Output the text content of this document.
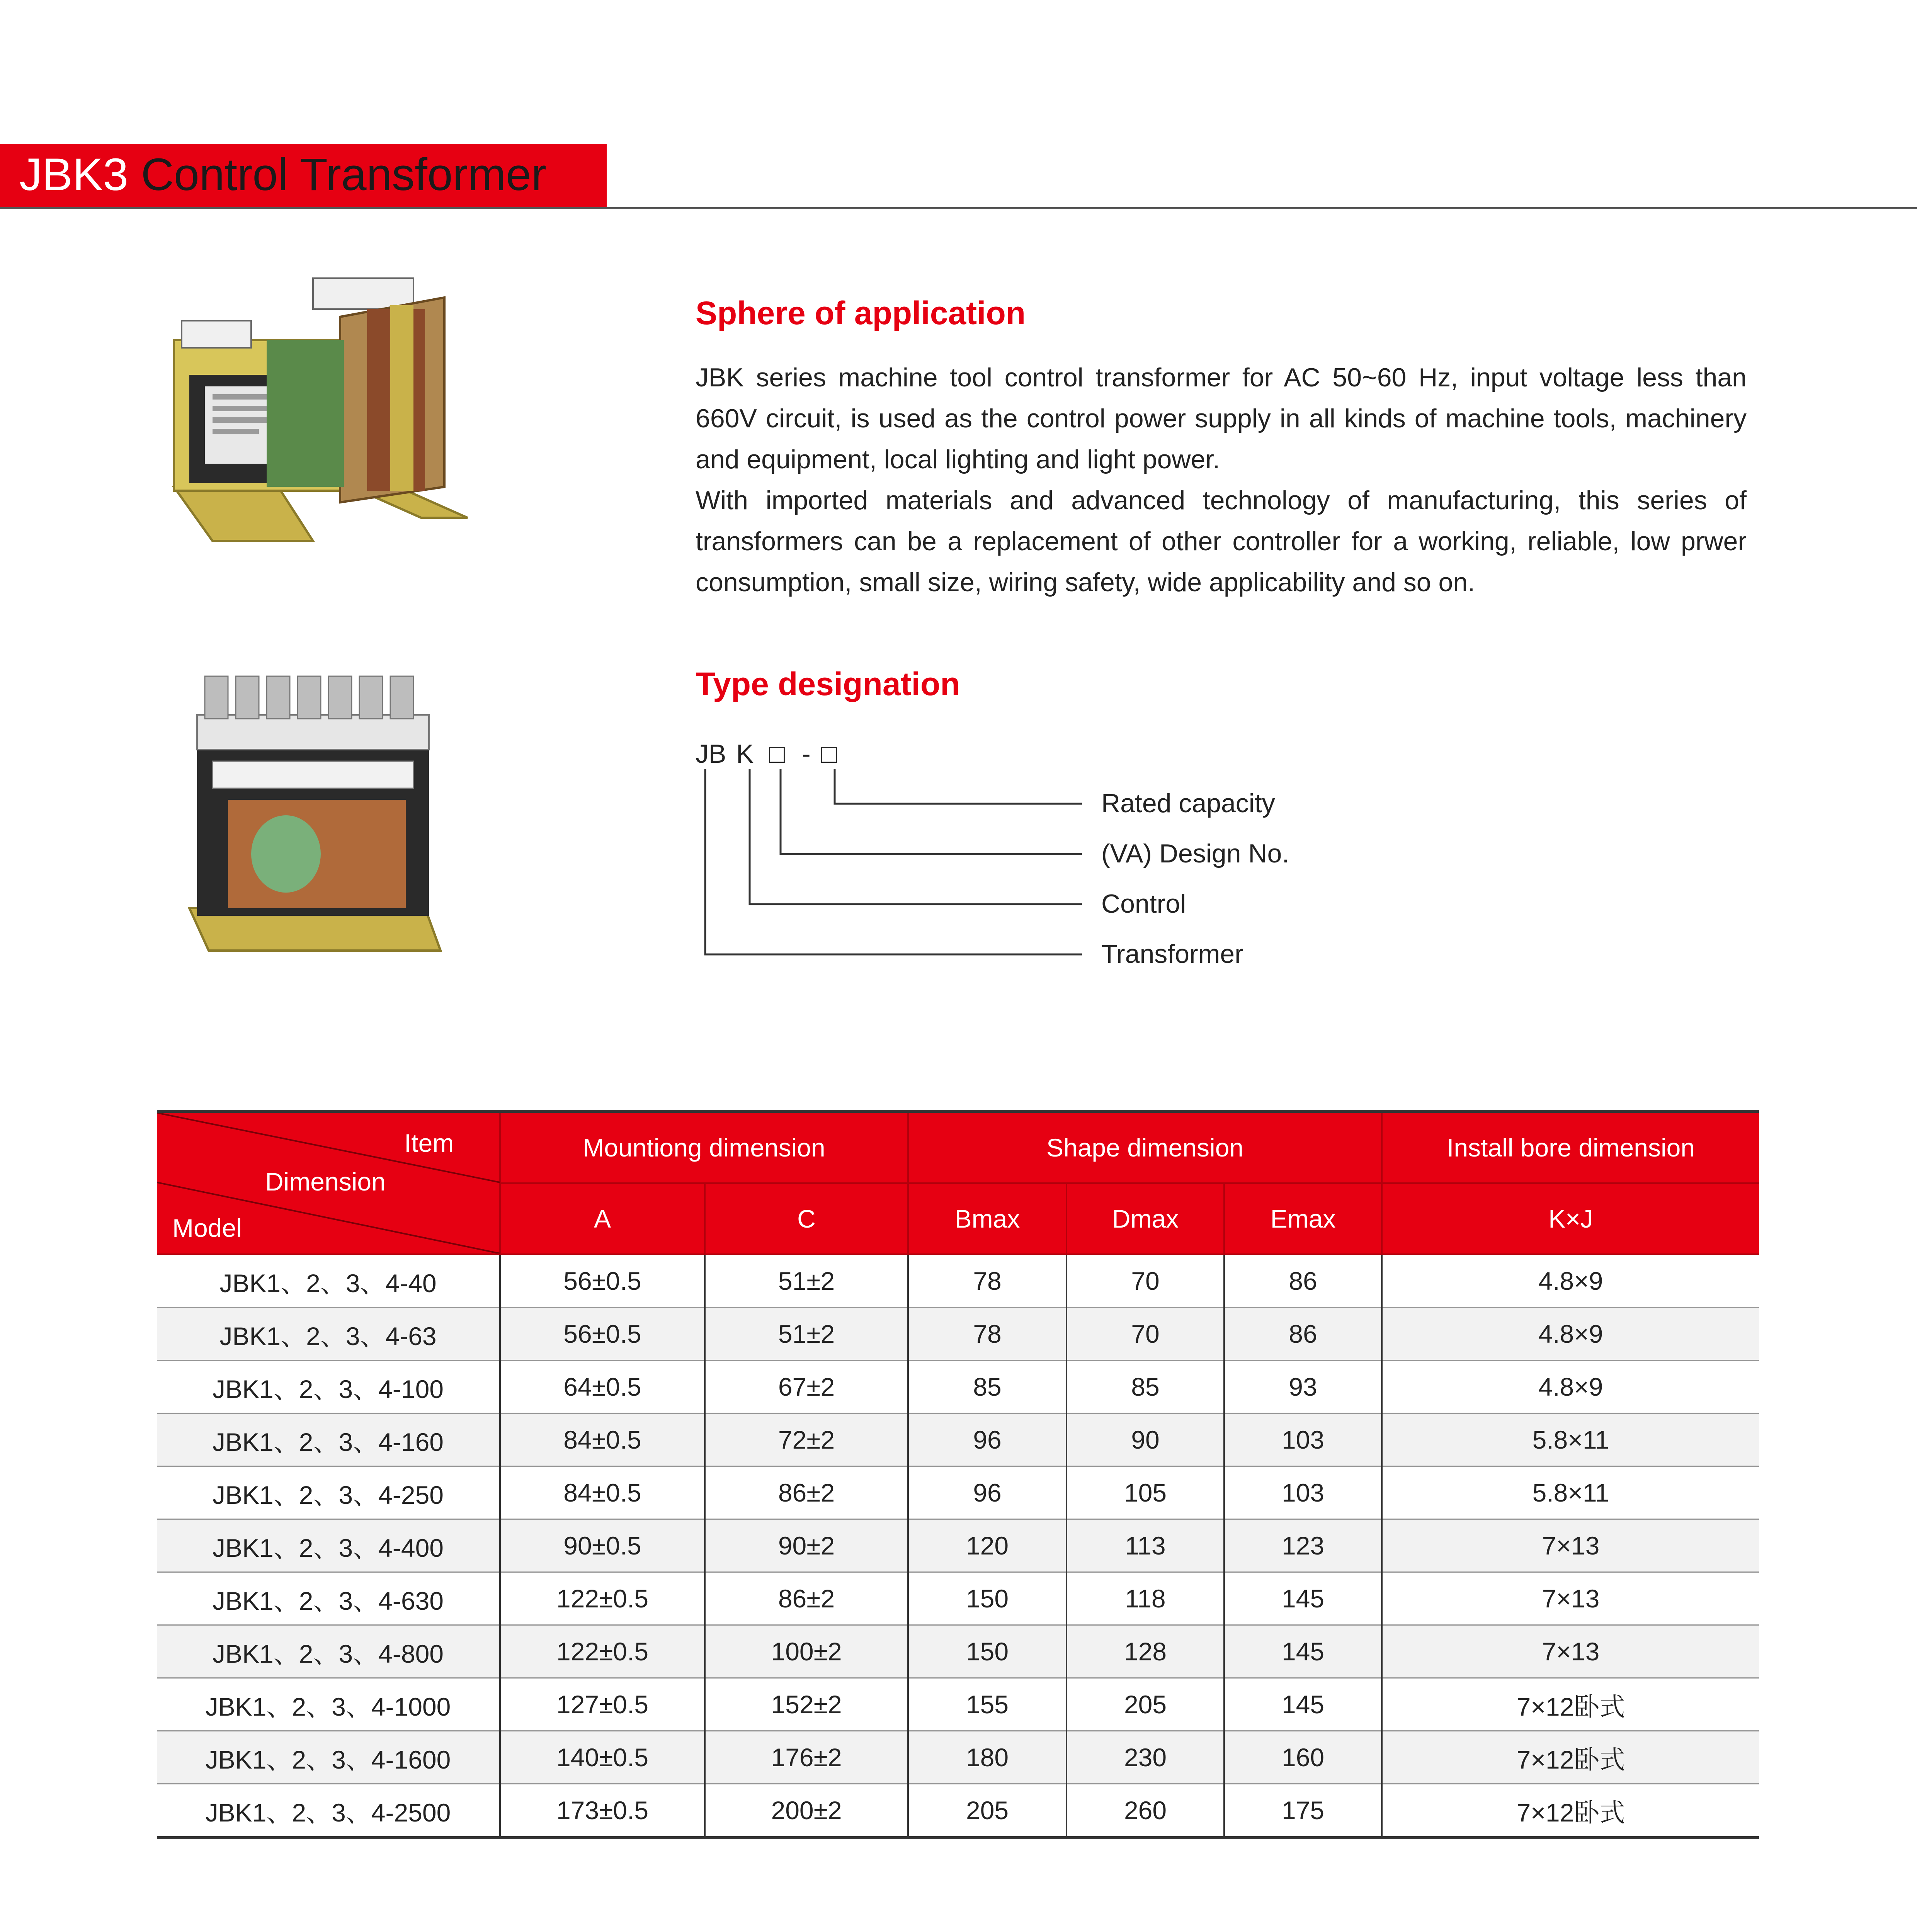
JBK3 Control Transformer
Sphere of application
JBK series machine tool control transformer for AC 50~60 Hz, input voltage less than 660V circuit, is used as the control power supply in all kinds of machine tools, machinery and equipment, local lighting and light power.
With imported materials and advanced technology of manufacturing, this series of transformers can be a replacement of other controller for a working, reliable, low prwer consumption, small size, wiring safety, wide applicability and so on.
Type designation
JB K □ - □
Rated capacity
(VA) Design No.
Control
Transformer
Item
Dimension
Model	Mountiong dimension		Shape dimension			Install bore dimension
	A	C	Bmax	Dmax	Emax	K×J
JBK1、2、3、4-40	56±0.5	51±2	78	70	86	4.8×9
JBK1、2、3、4-63	56±0.5	51±2	78	70	86	4.8×9
JBK1、2、3、4-100	64±0.5	67±2	85	85	93	4.8×9
JBK1、2、3、4-160	84±0.5	72±2	96	90	103	5.8×11
JBK1、2、3、4-250	84±0.5	86±2	96	105	103	5.8×11
JBK1、2、3、4-400	90±0.5	90±2	120	113	123	7×13
JBK1、2、3、4-630	122±0.5	86±2	150	118	145	7×13
JBK1、2、3、4-800	122±0.5	100±2	150	128	145	7×13
JBK1、2、3、4-1000	127±0.5	152±2	155	205	145	7×12卧式
JBK1、2、3、4-1600	140±0.5	176±2	180	230	160	7×12卧式
JBK1、2、3、4-2500	173±0.5	200±2	205	260	175	7×12卧式
